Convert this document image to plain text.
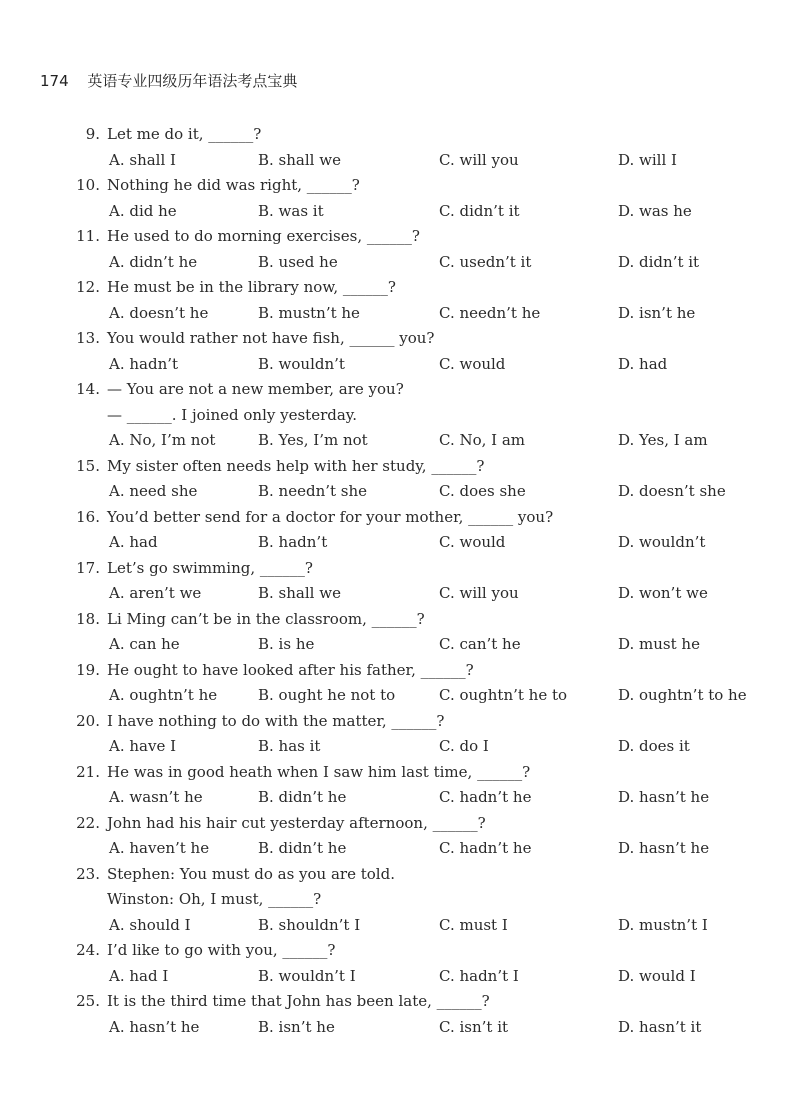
174 英语专业四级历年语法考点宝典
9. Let me do it, ______?
A. shall I	B. shall we	C. will you	D. will I
10. Nothing he did was right, ______?
A. did he	B. was it	C. didn’t it	D. was he
11. He used to do morning exercises, ______?
A. didn’t he	B. used he	C. usedn’t it	D. didn’t it
12. He must be in the library now, ______?
A. doesn’t he	B. mustn’t he	C. needn’t he	D. isn’t he
13. You would rather not have fish, ______ you?
A. hadn’t	B. wouldn’t	C. would	D. had
14. — You are not a new member, are you?
— ______. I joined only yesterday.
A. No, I’m not	B. Yes, I’m not	C. No, I am	D. Yes, I am
15. My sister often needs help with her study, ______?
A. need she	B. needn’t she	C. does she	D. doesn’t she
16. You’d better send for a doctor for your mother, ______ you?
A. had	B. hadn’t	C. would	D. wouldn’t
17. Let’s go swimming, ______?
A. aren’t we	B. shall we	C. will you	D. won’t we
18. Li Ming can’t be in the classroom, ______?
A. can he	B. is he	C. can’t he	D. must he
19. He ought to have looked after his father, ______?
A. oughtn’t he	B. ought he not to	C. oughtn’t he to	D. oughtn’t to he
20. I have nothing to do with the matter, ______?
A. have I	B. has it	C. do I	D. does it
21. He was in good heath when I saw him last time, ______?
A. wasn’t he	B. didn’t he	C. hadn’t he	D. hasn’t he
22. John had his hair cut yesterday afternoon, ______?
A. haven’t he	B. didn’t he	C. hadn’t he	D. hasn’t he
23. Stephen: You must do as you are told.
Winston: Oh, I must, ______?
A. should I	B. shouldn’t I	C. must I	D. mustn’t I
24. I’d like to go with you, ______?
A. had I	B. wouldn’t I	C. hadn’t I	D. would I
25. It is the third time that John has been late, ______?
A. hasn’t he	B. isn’t he	C. isn’t it	D. hasn’t it
